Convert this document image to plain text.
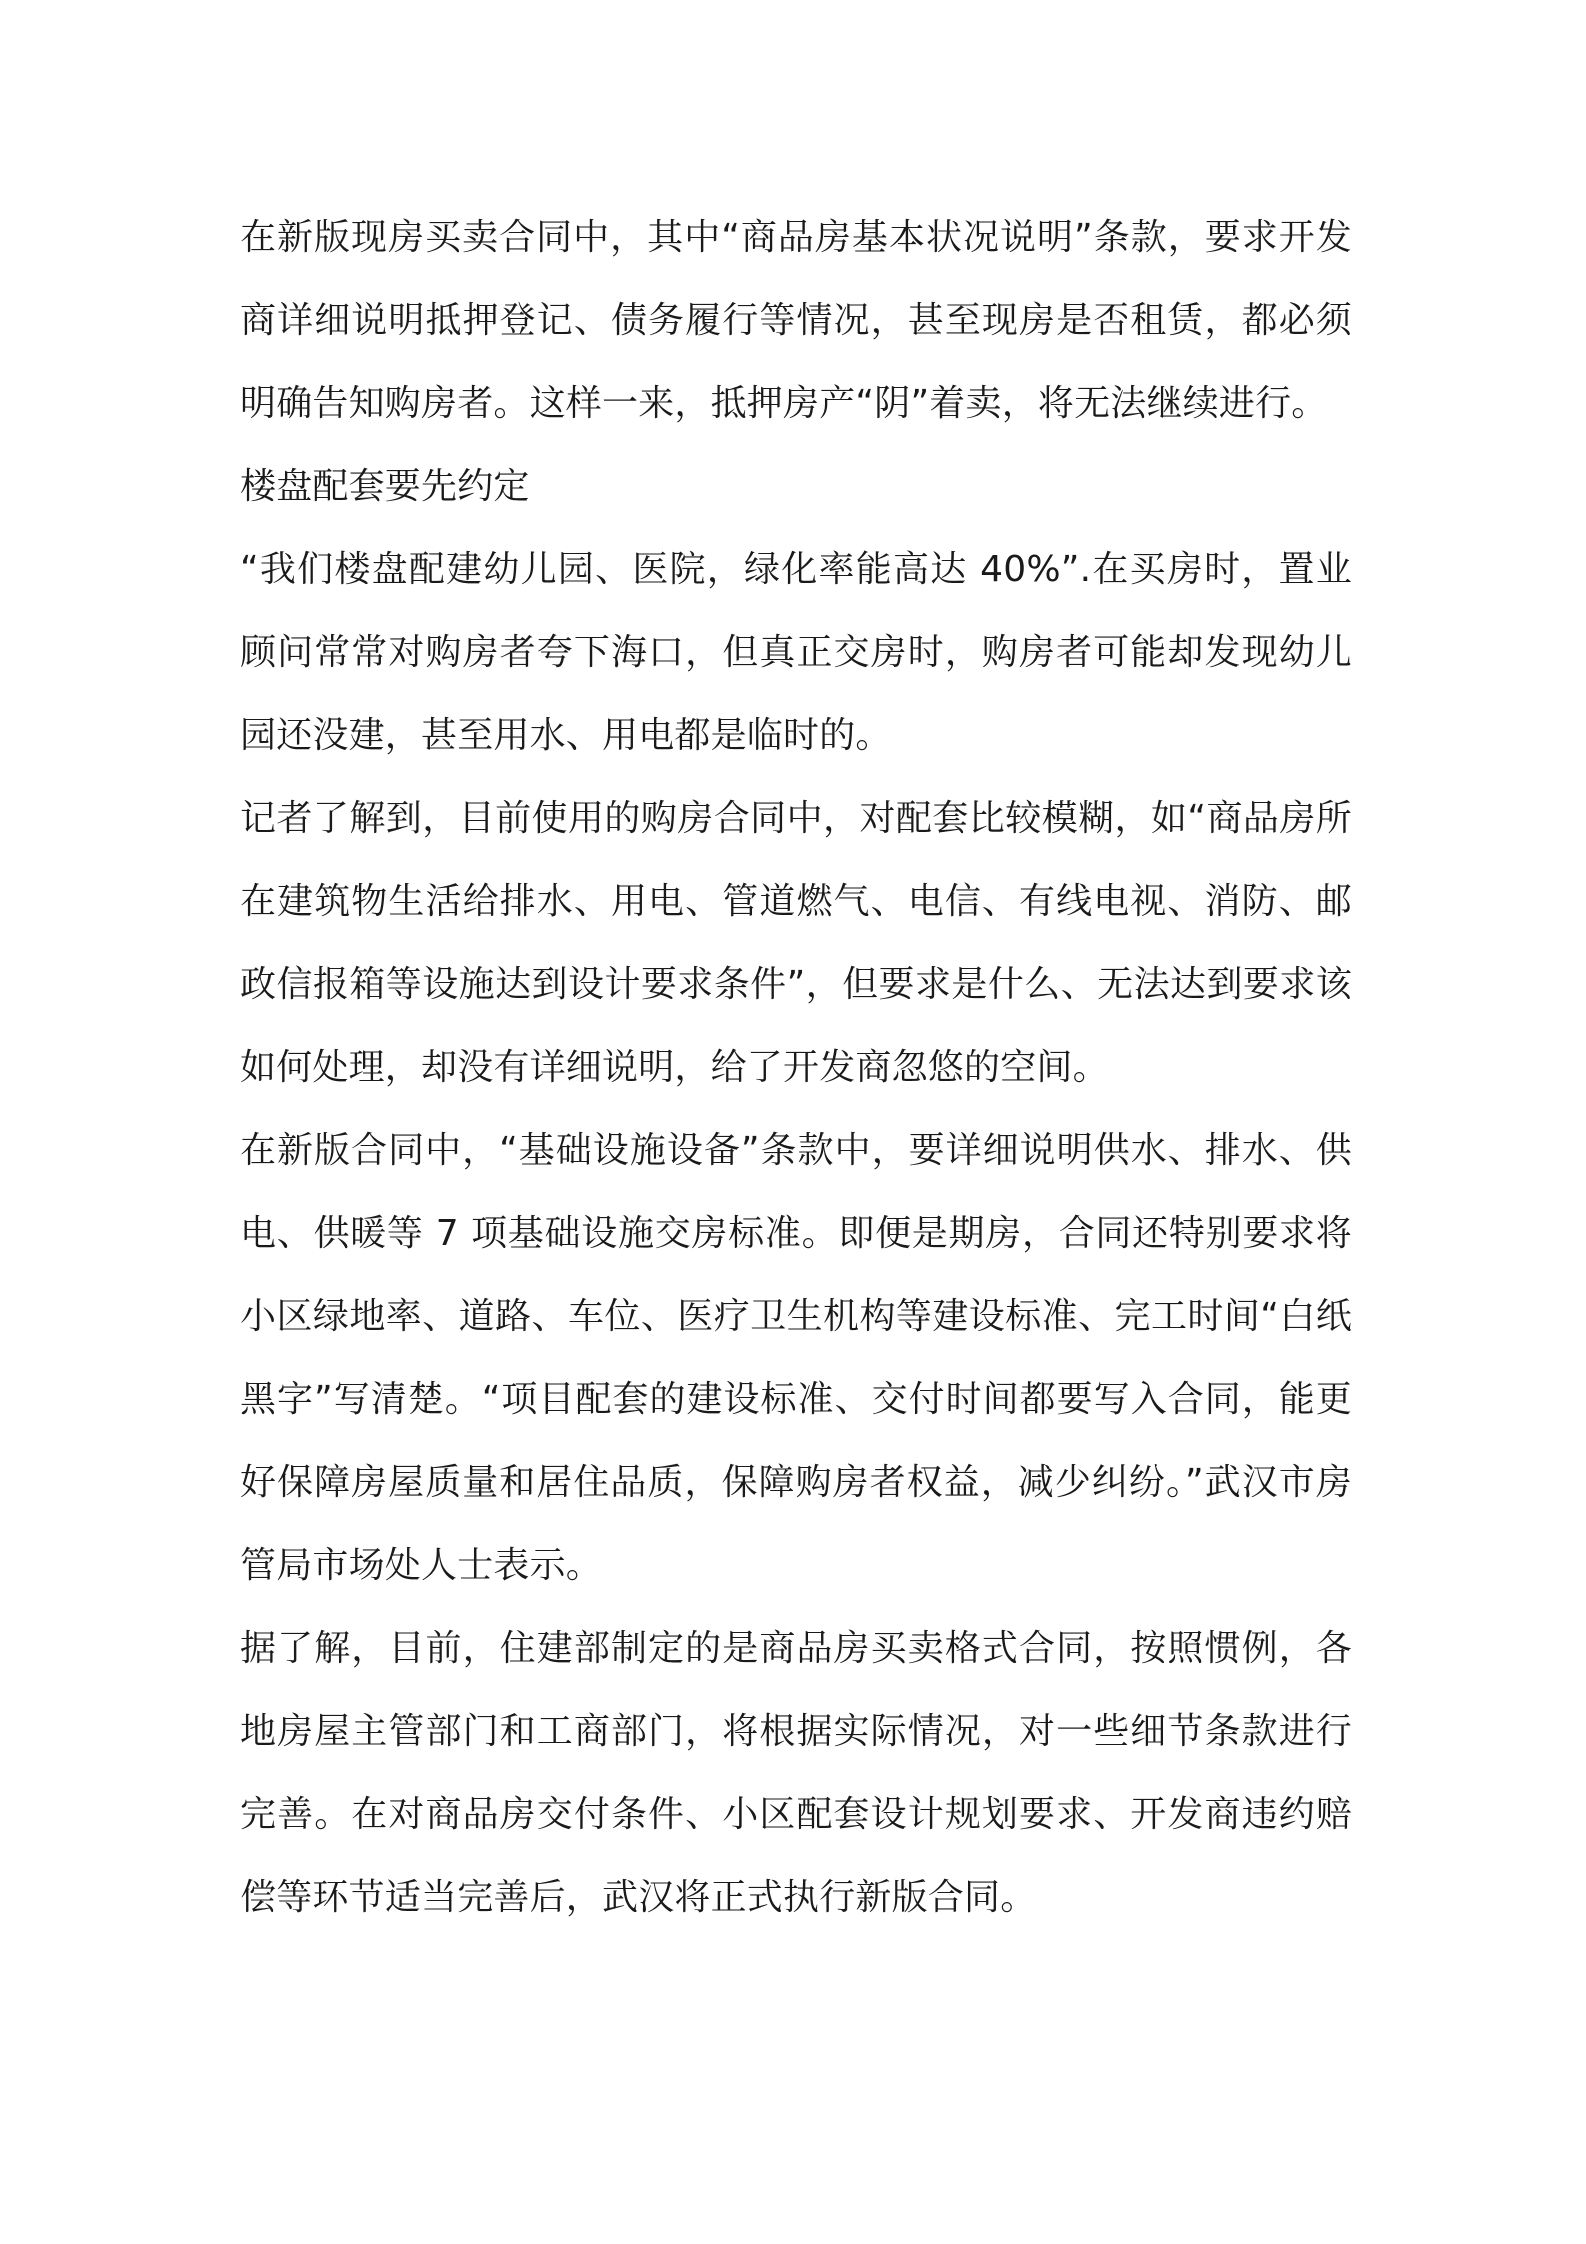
在新版现房买卖合同中，其中“商品房基本状况说明”条款，要求开发商详细说明抵押登记、债务履行等情况，甚至现房是否租赁，都必须明确告知购房者。这样一来，抵押房产“阴”着卖，将无法继续进行。

楼盘配套要先约定

“我们楼盘配建幼儿园、医院，绿化率能高达 40%”.在买房时，置业顾问常常对购房者夸下海口，但真正交房时，购房者可能却发现幼儿园还没建，甚至用水、用电都是临时的。

记者了解到，目前使用的购房合同中，对配套比较模糊，如“商品房所在建筑物生活给排水、用电、管道燃气、电信、有线电视、消防、邮政信报箱等设施达到设计要求条件”，但要求是什么、无法达到要求该如何处理，却没有详细说明，给了开发商忽悠的空间。

在新版合同中，“基础设施设备”条款中，要详细说明供水、排水、供电、供暖等 7 项基础设施交房标准。即便是期房，合同还特别要求将小区绿地率、道路、车位、医疗卫生机构等建设标准、完工时间“白纸黑字”写清楚。“项目配套的建设标准、交付时间都要写入合同，能更好保障房屋质量和居住品质，保障购房者权益，减少纠纷。”武汉市房管局市场处人士表示。

据了解，目前，住建部制定的是商品房买卖格式合同，按照惯例，各地房屋主管部门和工商部门，将根据实际情况，对一些细节条款进行完善。在对商品房交付条件、小区配套设计规划要求、开发商违约赔偿等环节适当完善后，武汉将正式执行新版合同。
